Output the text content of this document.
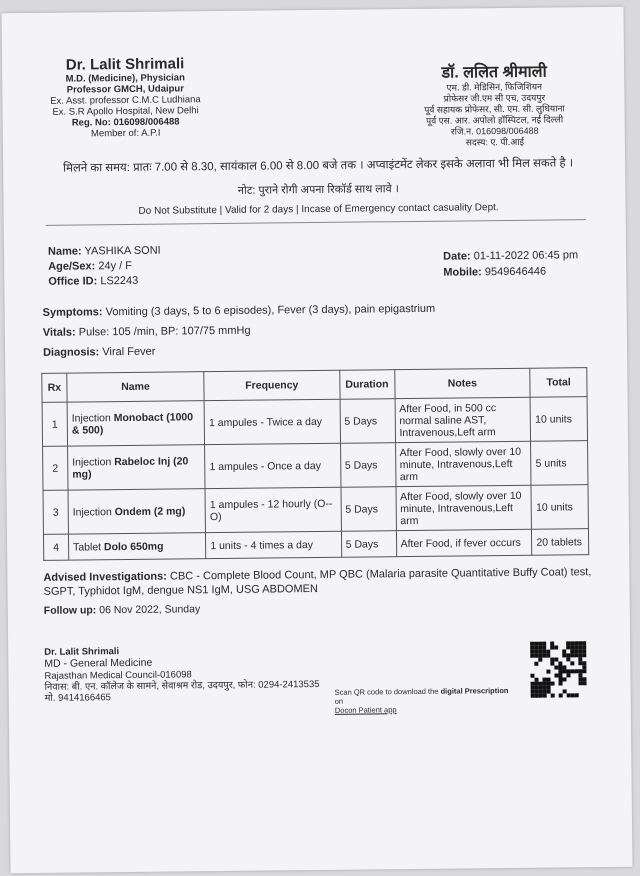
Dr. Lalit Shrimali
M.D. (Medicine), Physician
Professor GMCH, Udaipur
Ex. Asst. professor C.M.C Ludhiana
Ex. S.R Apollo Hospital, New Delhi
Reg. No: 016098/006488
Member of: A.P.I
डॉ. ललित श्रीमाली
एम. डी. मेडिसिन, फिजिशियन
प्रोफेसर जी.एम सी एच, उदयपुर
पूर्व सहायक प्रोफेसर, सी. एम. सी. लुधियाना
पूर्व एस. आर. अपोलो हॉस्पिटल, नई दिल्ली
रजि.न. 016098/006488
सदस्य: ए. पी.आई
मिलने का समय: प्रातः 7.00 से 8.30, सायंकाल 6.00 से 8.00 बजे तक । अप्वाइंटमेंट लेकर इसके अलावा भी मिल सकते है ।
नोट: पुराने रोगी अपना रिकॉर्ड साथ लावे ।
Do Not Substitute | Valid for 2 days | Incase of Emergency contact casuality Dept.
Name: YASHIKA SONI
Age/Sex: 24y / F
Office ID: LS2243
Date: 01-11-2022 06:45 pm
Mobile: 9549646446
Symptoms: Vomiting (3 days, 5 to 6 episodes), Fever (3 days), pain epigastrium
Vitals: Pulse: 105 /min, BP: 107/75 mmHg
Diagnosis: Viral Fever
Rx	Name	Frequency	Duration	Notes	Total
1	Injection Monobact (1000 & 500)	1 ampules - Twice a day	5 Days	After Food, in 500 cc normal saline AST, Intravenous,Left arm	10 units
2	Injection Rabeloc Inj (20 mg)	1 ampules - Once a day	5 Days	After Food, slowly over 10 minute, Intravenous,Left arm	5 units
3	Injection Ondem (2 mg)	1 ampules - 12 hourly (O--O)	5 Days	After Food, slowly over 10 minute, Intravenous,Left arm	10 units
4	Tablet Dolo 650mg	1 units - 4 times a day	5 Days	After Food, if fever occurs	20 tablets
Advised Investigations: CBC - Complete Blood Count, MP QBC (Malaria parasite Quantitative Buffy Coat) test, SGPT, Typhidot IgM, dengue NS1 IgM, USG ABDOMEN
Follow up: 06 Nov 2022, Sunday
Dr. Lalit Shrimali
MD - General Medicine
Rajasthan Medical Council-016098
निवास: बी. एन. कॉलेज के सामने, सेवाश्रम रोड, उदयपुर, फोन: 0294-2413535
मो. 9414166465
Scan QR code to download the digital Prescription on
Docon Patient app
